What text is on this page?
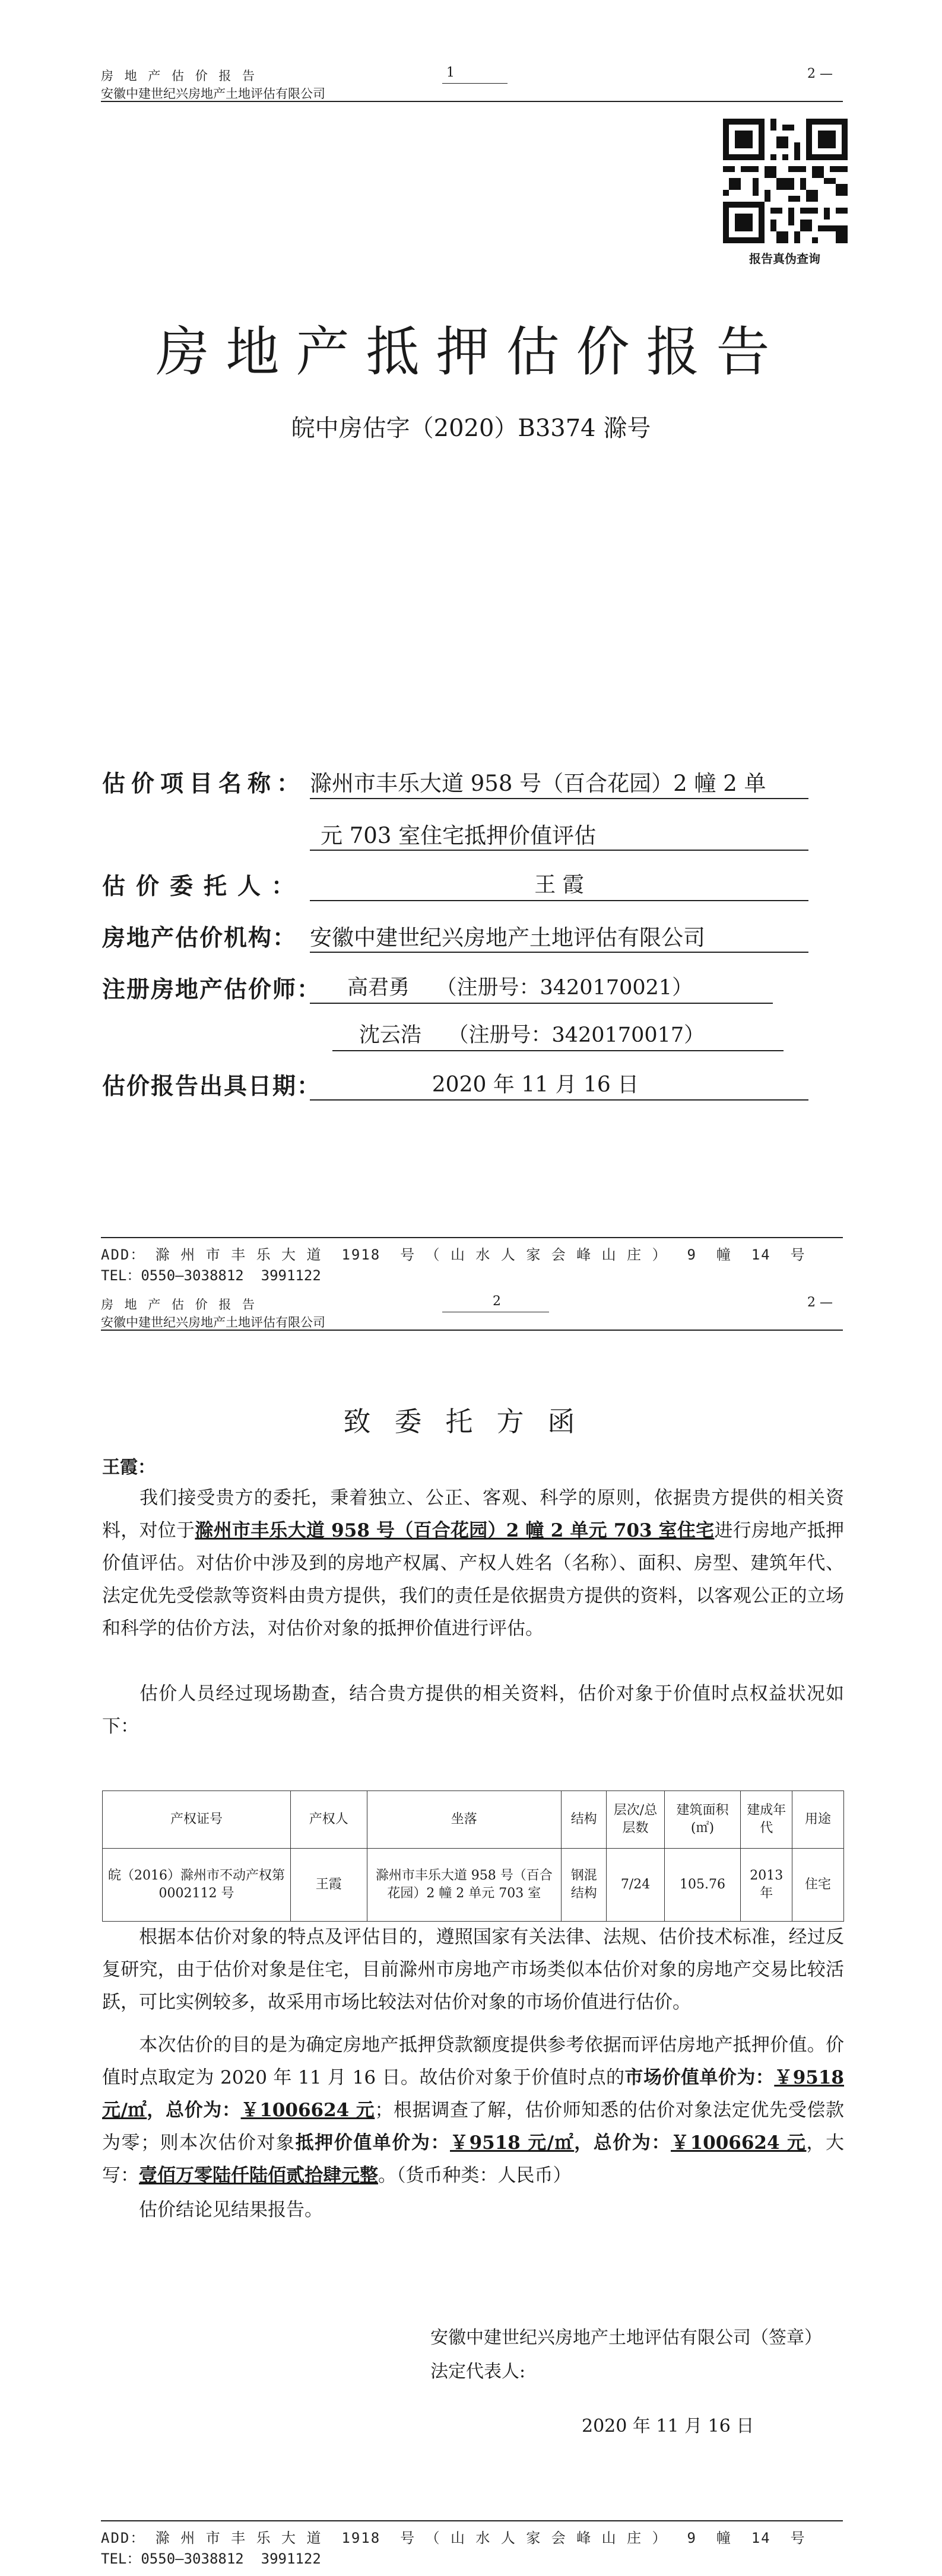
房 地 产 估 价 报 告
安徽中建世纪兴房地产土地评估有限公司
1	2 —
报告真伪查询
房地产抵押估价报告
皖中房估字（2020）B3374 滁号
估价项目名称： 滁州市丰乐大道 958 号（百合花园）2 幢 2 单
元 703 室住宅抵押价值评估
估价委托人：	王 霞
房地产估价机构： 安徽中建世纪兴房地产土地评估有限公司
注册房地产估价师： 高君勇    （注册号：3420170021）
沈云浩    （注册号：3420170017）
估价报告出具日期：	2020 年 11 月 16 日
ADD： 滁 州 市 丰 乐 大 道  1918  号 （ 山 水 人 家 会 峰 山 庄 ）  9  幢  14  号
TEL：0550—3038812  3991122
房 地 产 估 价 报 告
安徽中建世纪兴房地产土地评估有限公司
2	2 —
致委托方函
王霞：
我们接受贵方的委托，秉着独立、公正、客观、科学的原则，依据贵方提供的相关资料，对位于滁州市丰乐大道 958 号（百合花园）2 幢 2 单元 703 室住宅进行房地产抵押价值评估。对估价中涉及到的房地产权属、产权人姓名（名称）、面积、房型、建筑年代、法定优先受偿款等资料由贵方提供，我们的责任是依据贵方提供的资料，以客观公正的立场和科学的估价方法，对估价对象的抵押价值进行评估。
估价人员经过现场勘查，结合贵方提供的相关资料，估价对象于价值时点权益状况如下：
产权证号	产权人	坐落	结构	层次/总层数	建筑面积(㎡)	建成年代	用途
皖（2016）滁州市不动产权第 0002112 号	王霞	滁州市丰乐大道 958 号（百合花园）2 幢 2 单元 703 室	钢混结构	7/24	105.76	2013 年	住宅
根据本估价对象的特点及评估目的，遵照国家有关法律、法规、估价技术标准，经过反复研究，由于估价对象是住宅，目前滁州市房地产市场类似本估价对象的房地产交易比较活跃，可比实例较多，故采用市场比较法对估价对象的市场价值进行估价。
本次估价的目的是为确定房地产抵押贷款额度提供参考依据而评估房地产抵押价值。价值时点取定为 2020 年 11 月 16 日。故估价对象于价值时点的市场价值单价为：￥9518 元/㎡，总价为：￥1006624 元；根据调查了解，估价师知悉的估价对象法定优先受偿款为零；则本次估价对象抵押价值单价为：￥9518 元/㎡，总价为：￥1006624 元，大写：壹佰万零陆仟陆佰贰拾肆元整。（货币种类：人民币）
估价结论见结果报告。
安徽中建世纪兴房地产土地评估有限公司（签章）
法定代表人:
2020 年 11 月 16 日
ADD： 滁 州 市 丰 乐 大 道  1918  号 （ 山 水 人 家 会 峰 山 庄 ）  9  幢  14  号
TEL：0550—3038812  3991122
